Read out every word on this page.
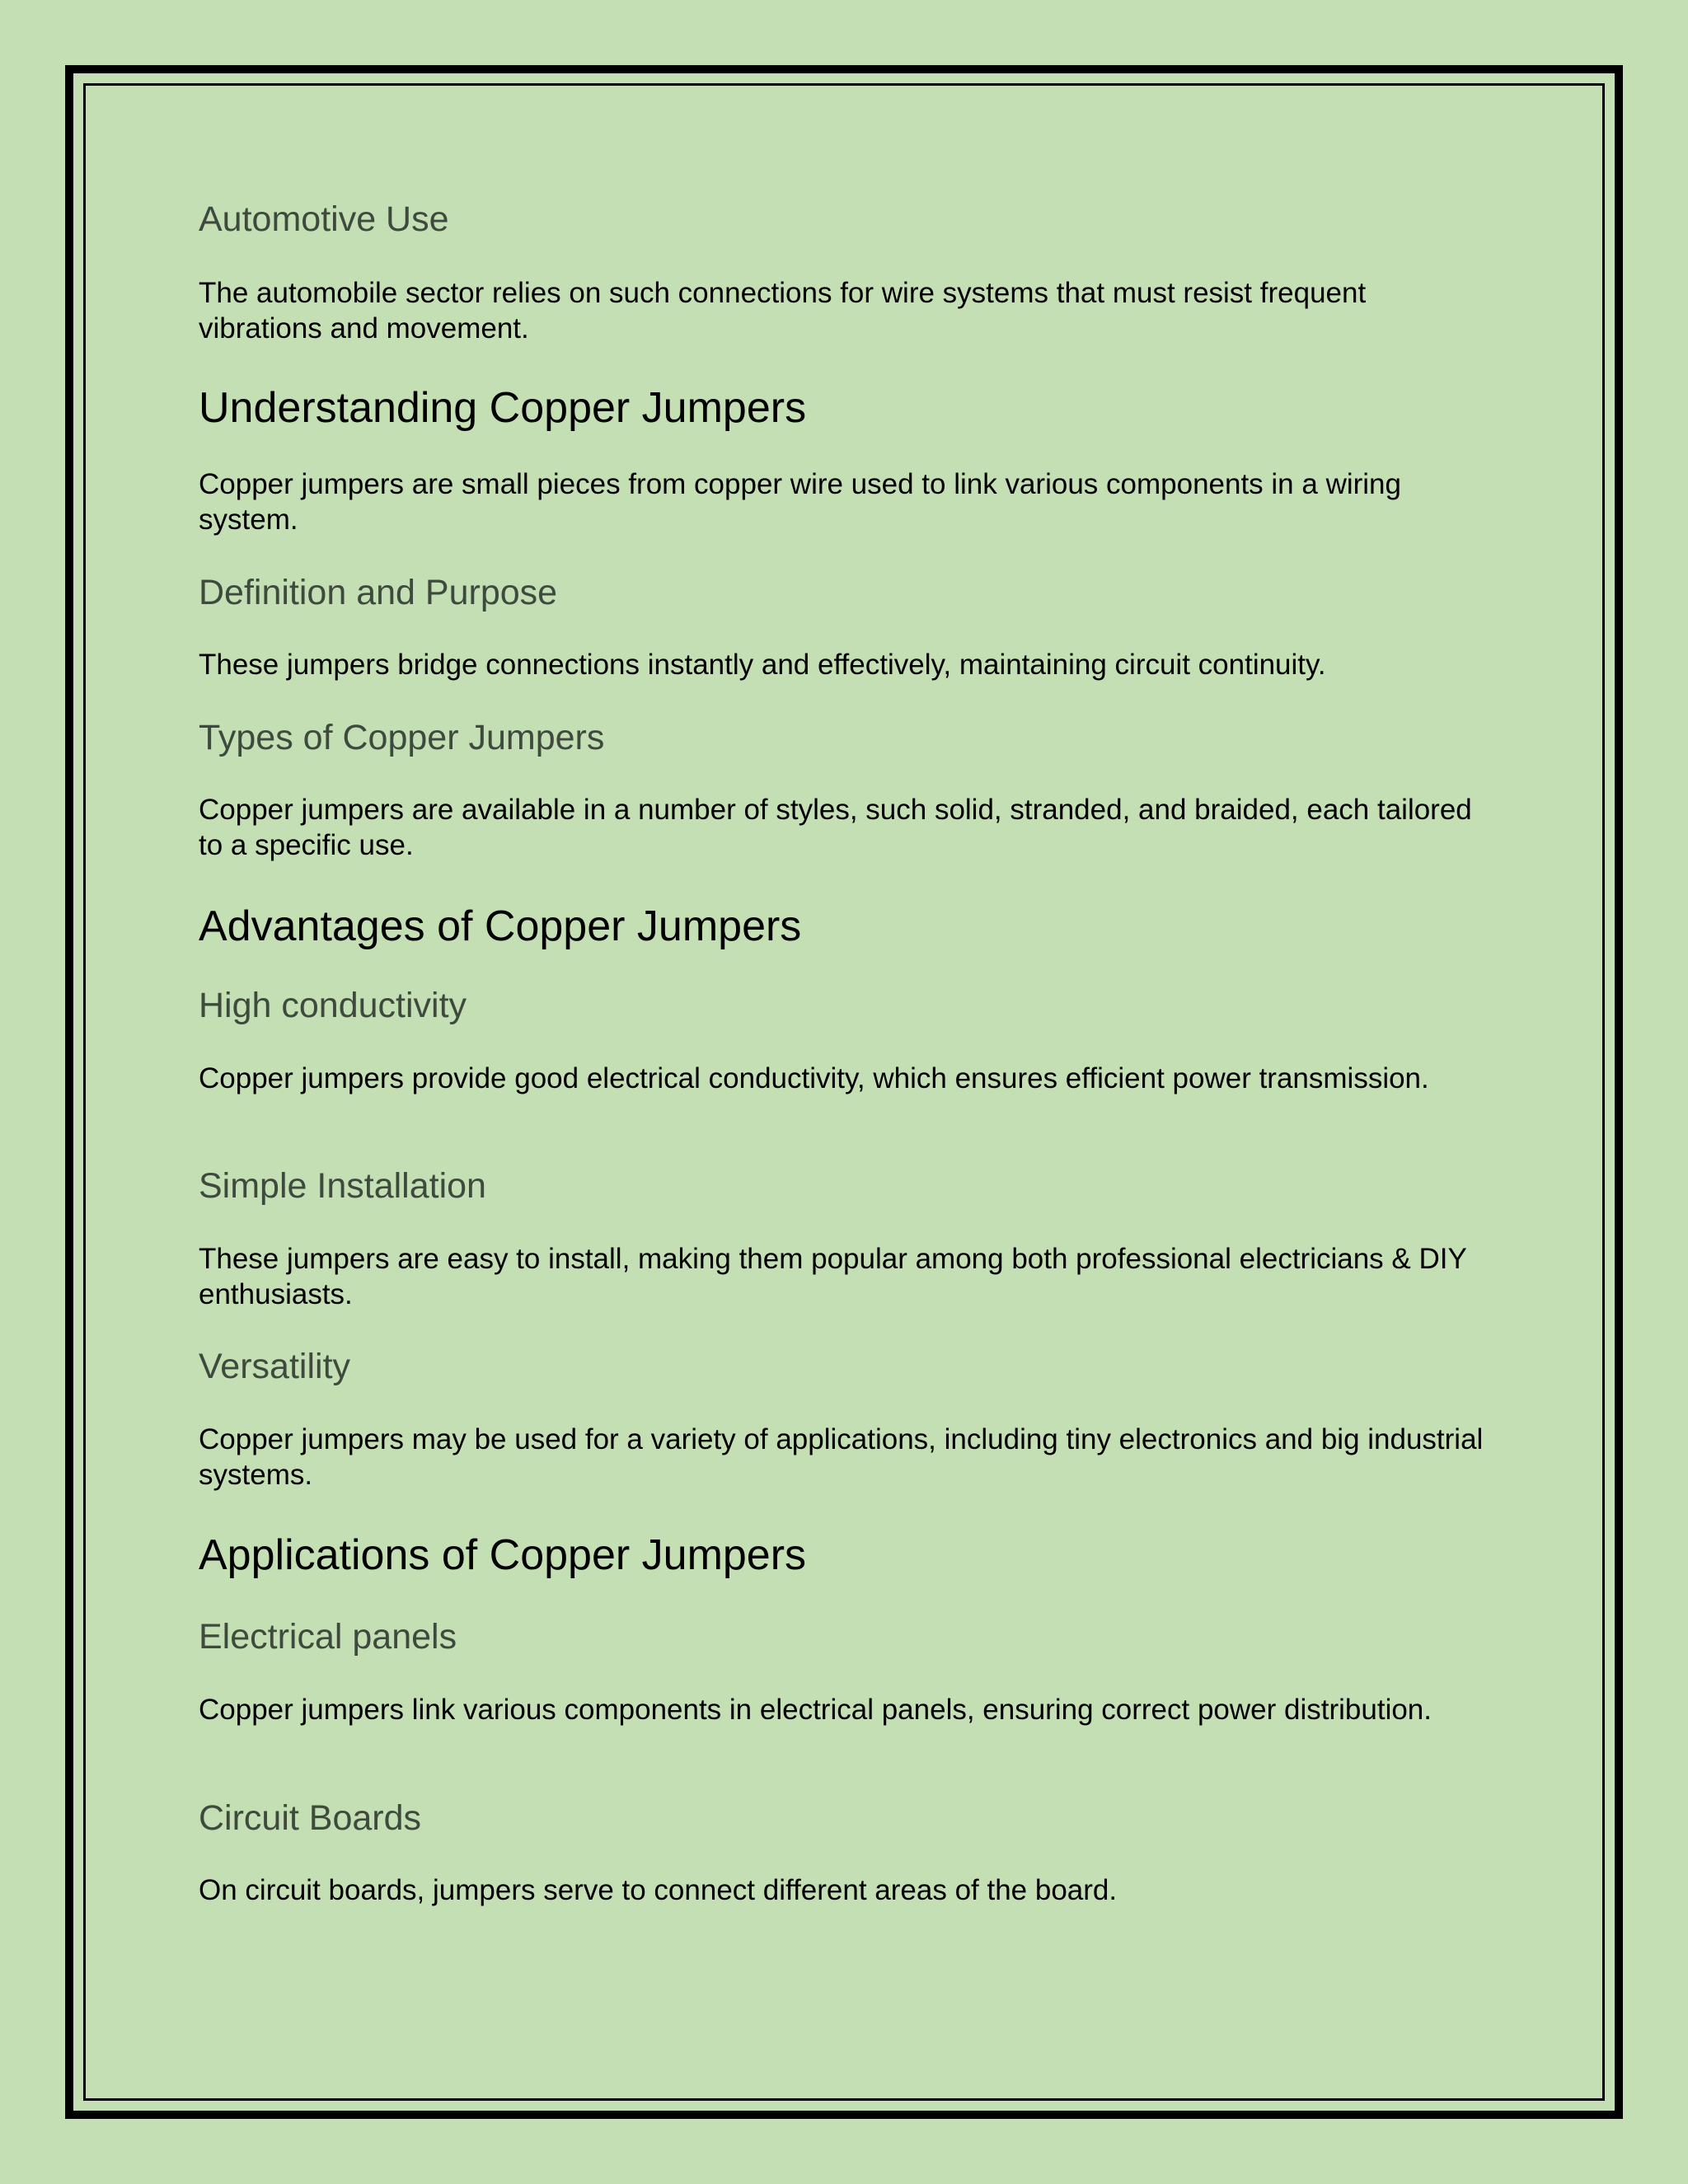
Automotive Use

The automobile sector relies on such connections for wire systems that must resist frequent vibrations and movement.

Understanding Copper Jumpers

Copper jumpers are small pieces from copper wire used to link various components in a wiring system.

Definition and Purpose

These jumpers bridge connections instantly and effectively, maintaining circuit continuity.

Types of Copper Jumpers

Copper jumpers are available in a number of styles, such solid, stranded, and braided, each tailored to a specific use.

Advantages of Copper Jumpers
High conductivity

Copper jumpers provide good electrical conductivity, which ensures efficient power transmission.

Simple Installation

These jumpers are easy to install, making them popular among both professional electricians & DIY enthusiasts.

Versatility

Copper jumpers may be used for a variety of applications, including tiny electronics and big industrial systems.

Applications of Copper Jumpers
Electrical panels

Copper jumpers link various components in electrical panels, ensuring correct power distribution.

Circuit Boards

On circuit boards, jumpers serve to connect different areas of the board.
